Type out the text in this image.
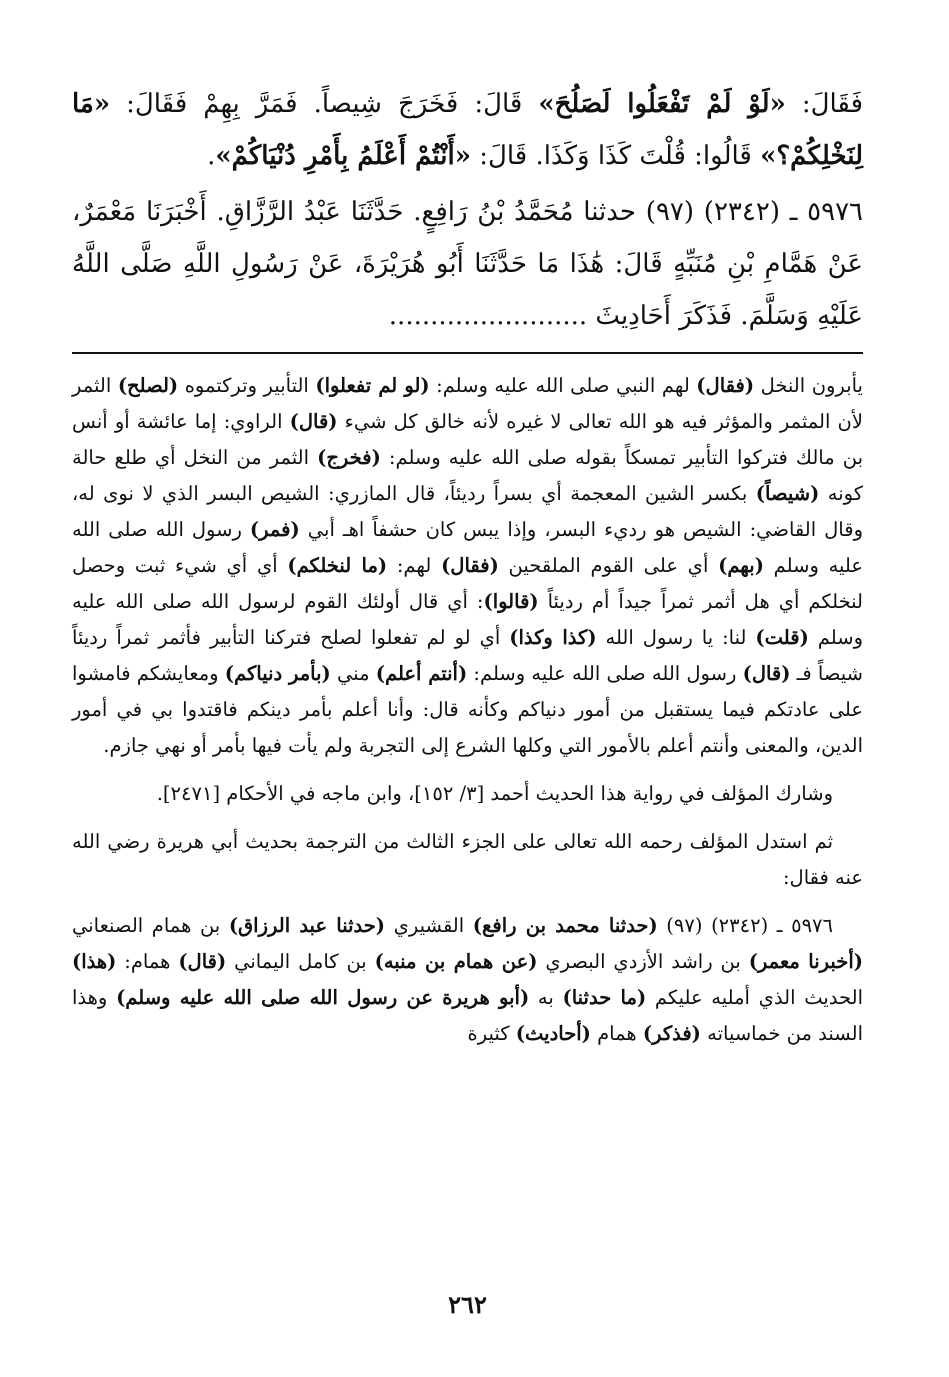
فَقَالَ: «لَوْ لَمْ تَفْعَلُوا لَصَلُحَ» قَالَ: فَخَرَجَ شِيصاً. فَمَرَّ بِهِمْ فَقَالَ: «مَا لِنَخْلِكُمْ؟» قَالُوا: قُلْتَ كَذَا وَكَذَا. قَالَ: «أَنْتُمْ أَعْلَمُ بِأَمْرِ دُنْيَاكُمْ».

٥٩٧٦ ـ (٢٣٤٢) (٩٧) حدثنا مُحَمَّدُ بْنُ رَافِعٍ. حَدَّثَنَا عَبْدُ الرَّزَّاقِ. أَخْبَرَنَا مَعْمَرٌ، عَنْ هَمَّامِ بْنِ مُنَبِّهٍ قَالَ: هَٰذَا مَا حَدَّثَنَا أَبُو هُرَيْرَةَ، عَنْ رَسُولِ اللَّهِ صَلَّى اللَّهُ عَلَيْهِ وَسَلَّمَ. فَذَكَرَ أَحَادِيثَ ........................

يأبرون النخل (فقال) لهم النبي صلى الله عليه وسلم: (لو لم تفعلوا) التأبير وتركتموه (لصلح) الثمر لأن المثمر والمؤثر فيه هو الله تعالى لا غيره لأنه خالق كل شيء (قال) الراوي: إما عائشة أو أنس بن مالك فتركوا التأبير تمسكاً بقوله صلى الله عليه وسلم: (فخرج) الثمر من النخل أي طلع حالة كونه (شيصاً) بكسر الشين المعجمة أي بسراً رديئاً، قال المازري: الشيص البسر الذي لا نوى له، وقال القاضي: الشيص هو رديء البسر، وإذا يبس كان حشفاً اهـ أبي (فمر) رسول الله صلى الله عليه وسلم (بهم) أي على القوم الملقحين (فقال) لهم: (ما لنخلكم) أي أي شيء ثبت وحصل لنخلكم أي هل أثمر ثمراً جيداً أم رديئاً (قالوا): أي قال أولئك القوم لرسول الله صلى الله عليه وسلم (قلت) لنا: يا رسول الله (كذا وكذا) أي لو لم تفعلوا لصلح فتركنا التأبير فأثمر ثمراً رديئاً شيصاً فـ (قال) رسول الله صلى الله عليه وسلم: (أنتم أعلم) مني (بأمر دنياكم) ومعايشكم فامشوا على عادتكم فيما يستقبل من أمور دنياكم وكأنه قال: وأنا أعلم بأمر دينكم فاقتدوا بي في أمور الدين، والمعنى وأنتم أعلم بالأمور التي وكلها الشرع إلى التجربة ولم يأت فيها بأمر أو نهي جازم.

وشارك المؤلف في رواية هذا الحديث أحمد [٣/ ١٥٢]، وابن ماجه في الأحكام [٢٤٧١].

ثم استدل المؤلف رحمه الله تعالى على الجزء الثالث من الترجمة بحديث أبي هريرة رضي الله عنه فقال:

٥٩٧٦ ـ (٢٣٤٢) (٩٧) (حدثنا محمد بن رافع) القشيري (حدثنا عبد الرزاق) بن همام الصنعاني (أخبرنا معمر) بن راشد الأزدي البصري (عن همام بن منبه) بن كامل اليماني (قال) همام: (هذا) الحديث الذي أمليه عليكم (ما حدثنا) به (أبو هريرة عن رسول الله صلى الله عليه وسلم) وهذا السند من خماسياته (فذكر) همام (أحاديث) كثيرة

٢٦٢
